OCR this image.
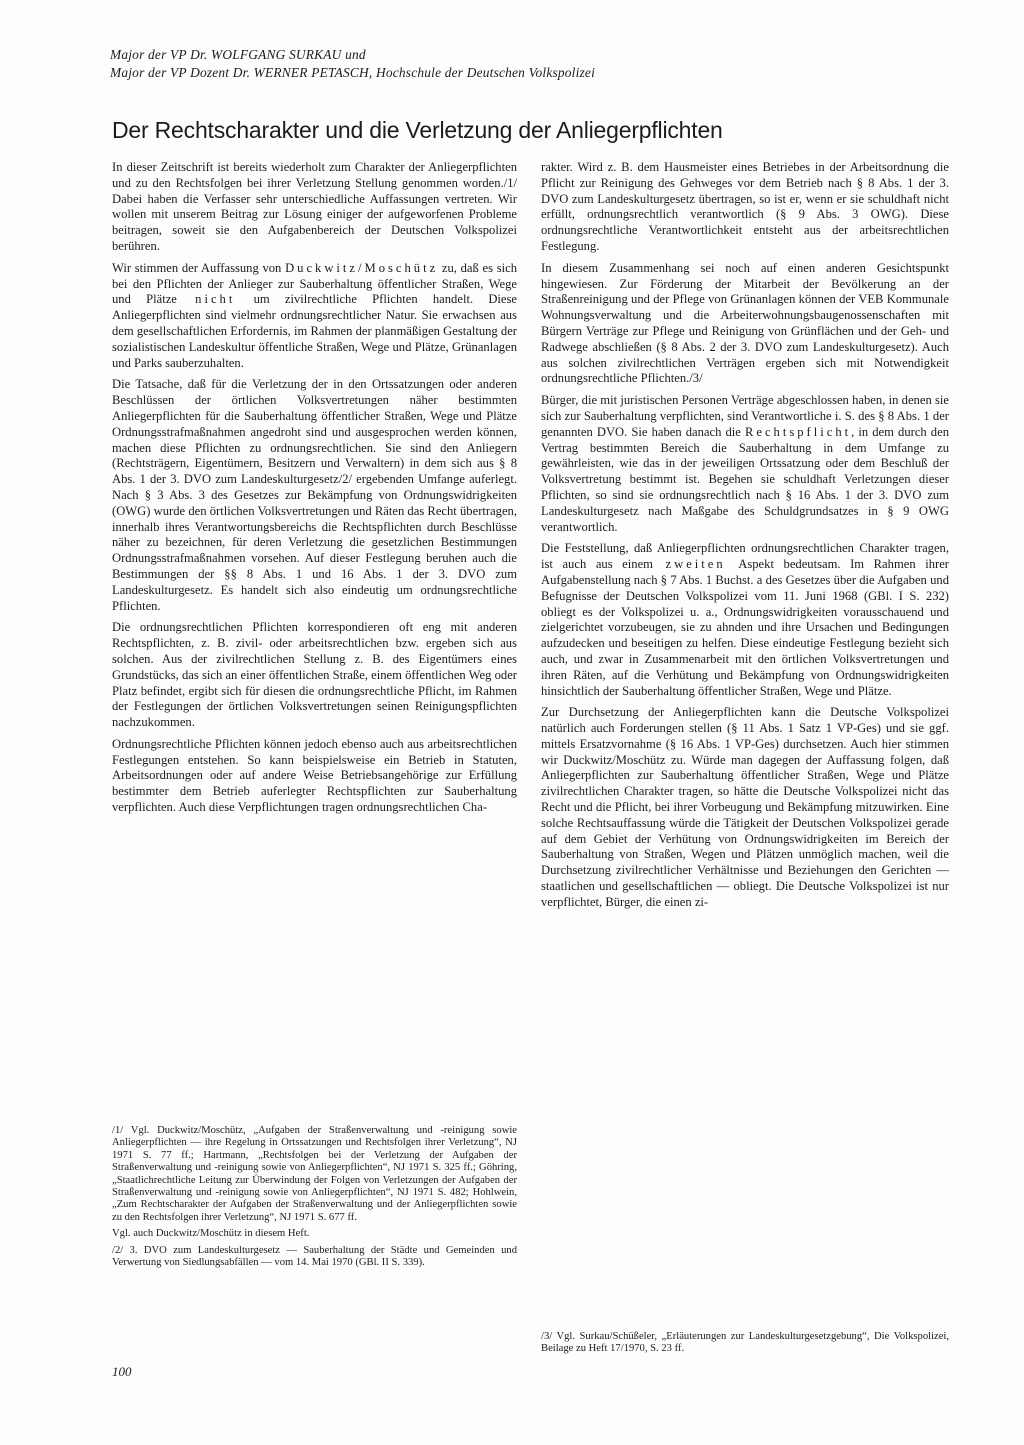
Major der VP Dr. WOLFGANG SURKAU und
Major der VP Dozent Dr. WERNER PETASCH, Hochschule der Deutschen Volkspolizei
Der Rechtscharakter und die Verletzung der Anliegerpflichten

In dieser Zeitschrift ist bereits wiederholt zum Charakter der Anliegerpflichten und zu den Rechtsfolgen bei ihrer Verletzung Stellung genommen worden./1/ Dabei haben die Verfasser sehr unterschiedliche Auffassungen vertreten. Wir wollen mit unserem Beitrag zur Lösung einiger der aufgeworfenen Probleme beitragen, soweit sie den Aufgabenbereich der Deutschen Volkspolizei berühren.

Wir stimmen der Auffassung von Duckwitz/Moschütz zu, daß es sich bei den Pflichten der Anlieger zur Sauberhaltung öffentlicher Straßen, Wege und Plätze nicht um zivilrechtliche Pflichten handelt. Diese Anliegerpflichten sind vielmehr ordnungsrechtlicher Natur. Sie erwachsen aus dem gesellschaftlichen Erfordernis, im Rahmen der planmäßigen Gestaltung der sozialistischen Landeskultur öffentliche Straßen, Wege und Plätze, Grünanlagen und Parks sauberzuhalten.

Die Tatsache, daß für die Verletzung der in den Ortssatzungen oder anderen Beschlüssen der örtlichen Volksvertretungen näher bestimmten Anliegerpflichten für die Sauberhaltung öffentlicher Straßen, Wege und Plätze Ordnungsstrafmaßnahmen angedroht sind und ausgesprochen werden können, machen diese Pflichten zu ordnungsrechtlichen. Sie sind den Anliegern (Rechtsträgern, Eigentümern, Besitzern und Verwaltern) in dem sich aus § 8 Abs. 1 der 3. DVO zum Landeskulturgesetz/2/ ergebenden Umfange auferlegt. Nach § 3 Abs. 3 des Gesetzes zur Bekämpfung von Ordnungswidrigkeiten (OWG) wurde den örtlichen Volksvertretungen und Räten das Recht übertragen, innerhalb ihres Verantwortungsbereichs die Rechtspflichten durch Beschlüsse näher zu bezeichnen, für deren Verletzung die gesetzlichen Bestimmungen Ordnungsstrafmaßnahmen vorsehen. Auf dieser Festlegung beruhen auch die Bestimmungen der §§ 8 Abs. 1 und 16 Abs. 1 der 3. DVO zum Landeskulturgesetz. Es handelt sich also eindeutig um ordnungsrechtliche Pflichten.

Die ordnungsrechtlichen Pflichten korrespondieren oft eng mit anderen Rechtspflichten, z. B. zivil- oder arbeitsrechtlichen bzw. ergeben sich aus solchen. Aus der zivilrechtlichen Stellung z. B. des Eigentümers eines Grundstücks, das sich an einer öffentlichen Straße, einem öffentlichen Weg oder Platz befindet, ergibt sich für diesen die ordnungsrechtliche Pflicht, im Rahmen der Festlegungen der örtlichen Volksvertretungen seinen Reinigungspflichten nachzukommen.

Ordnungsrechtliche Pflichten können jedoch ebenso auch aus arbeitsrechtlichen Festlegungen entstehen. So kann beispielsweise ein Betrieb in Statuten, Arbeitsordnungen oder auf andere Weise Betriebsangehörige zur Erfüllung bestimmter dem Betrieb auferlegter Rechtspflichten zur Sauberhaltung verpflichten. Auch diese Verpflichtungen tragen ordnungsrechtlichen Cha-

rakter. Wird z. B. dem Hausmeister eines Betriebes in der Arbeitsordnung die Pflicht zur Reinigung des Gehweges vor dem Betrieb nach § 8 Abs. 1 der 3. DVO zum Landeskulturgesetz übertragen, so ist er, wenn er sie schuldhaft nicht erfüllt, ordnungsrechtlich verantwortlich (§ 9 Abs. 3 OWG). Diese ordnungsrechtliche Verantwortlichkeit entsteht aus der arbeitsrechtlichen Festlegung.

In diesem Zusammenhang sei noch auf einen anderen Gesichtspunkt hingewiesen. Zur Förderung der Mitarbeit der Bevölkerung an der Straßenreinigung und der Pflege von Grünanlagen können der VEB Kommunale Wohnungsverwaltung und die Arbeiterwohnungsbaugenossenschaften mit Bürgern Verträge zur Pflege und Reinigung von Grünflächen und der Geh- und Radwege abschließen (§ 8 Abs. 2 der 3. DVO zum Landeskulturgesetz). Auch aus solchen zivilrechtlichen Verträgen ergeben sich mit Notwendigkeit ordnungsrechtliche Pflichten./3/

Bürger, die mit juristischen Personen Verträge abgeschlossen haben, in denen sie sich zur Sauberhaltung verpflichten, sind Verantwortliche i. S. des § 8 Abs. 1 der genannten DVO. Sie haben danach die Rechtspflicht, in dem durch den Vertrag bestimmten Bereich die Sauberhaltung in dem Umfange zu gewährleisten, wie das in der jeweiligen Ortssatzung oder dem Beschluß der Volksvertretung bestimmt ist. Begehen sie schuldhaft Verletzungen dieser Pflichten, so sind sie ordnungsrechtlich nach § 16 Abs. 1 der 3. DVO zum Landeskulturgesetz nach Maßgabe des Schuldgrundsatzes in § 9 OWG verantwortlich.

Die Feststellung, daß Anliegerpflichten ordnungsrechtlichen Charakter tragen, ist auch aus einem zweiten Aspekt bedeutsam. Im Rahmen ihrer Aufgabenstellung nach § 7 Abs. 1 Buchst. a des Gesetzes über die Aufgaben und Befugnisse der Deutschen Volkspolizei vom 11. Juni 1968 (GBl. I S. 232) obliegt es der Volkspolizei u. a., Ordnungswidrigkeiten vorausschauend und zielgerichtet vorzubeugen, sie zu ahnden und ihre Ursachen und Bedingungen aufzudecken und beseitigen zu helfen. Diese eindeutige Festlegung bezieht sich auch, und zwar in Zusammenarbeit mit den örtlichen Volksvertretungen und ihren Räten, auf die Verhütung und Bekämpfung von Ordnungswidrigkeiten hinsichtlich der Sauberhaltung öffentlicher Straßen, Wege und Plätze.

Zur Durchsetzung der Anliegerpflichten kann die Deutsche Volkspolizei natürlich auch Forderungen stellen (§ 11 Abs. 1 Satz 1 VP-Ges) und sie ggf. mittels Ersatzvornahme (§ 16 Abs. 1 VP-Ges) durchsetzen. Auch hier stimmen wir Duckwitz/Moschütz zu. Würde man dagegen der Auffassung folgen, daß Anliegerpflichten zur Sauberhaltung öffentlicher Straßen, Wege und Plätze zivilrechtlichen Charakter tragen, so hätte die Deutsche Volkspolizei nicht das Recht und die Pflicht, bei ihrer Vorbeugung und Bekämpfung mitzuwirken. Eine solche Rechtsauffassung würde die Tätigkeit der Deutschen Volkspolizei gerade auf dem Gebiet der Verhütung von Ordnungswidrigkeiten im Bereich der Sauberhaltung von Straßen, Wegen und Plätzen unmöglich machen, weil die Durchsetzung zivilrechtlicher Verhältnisse und Beziehungen den Gerichten — staatlichen und gesellschaftlichen — obliegt. Die Deutsche Volkspolizei ist nur verpflichtet, Bürger, die einen zi-

/1/ Vgl. Duckwitz/Moschütz, „Aufgaben der Straßenverwaltung und -reinigung sowie Anliegerpflichten — ihre Regelung in Ortssatzungen und Rechtsfolgen ihrer Verletzung“, NJ 1971 S. 77 ff.; Hartmann, „Rechtsfolgen bei der Verletzung der Aufgaben der Straßenverwaltung und -reinigung sowie von Anliegerpflichten“, NJ 1971 S. 325 ff.; Göhring, „Staatlichrechtliche Leitung zur Überwindung der Folgen von Verletzungen der Aufgaben der Straßenverwaltung und -reinigung sowie von Anliegerpflichten“, NJ 1971 S. 482; Hohlwein, „Zum Rechtscharakter der Aufgaben der Straßenverwaltung und der Anliegerpflichten sowie zu den Rechtsfolgen ihrer Verletzung“, NJ 1971 S. 677 ff.

Vgl. auch Duckwitz/Moschütz in diesem Heft.

/2/ 3. DVO zum Landeskulturgesetz — Sauberhaltung der Städte und Gemeinden und Verwertung von Siedlungsabfällen — vom 14. Mai 1970 (GBl. II S. 339).

/3/ Vgl. Surkau/Schüßeler, „Erläuterungen zur Landeskulturgesetzgebung“, Die Volkspolizei, Beilage zu Heft 17/1970, S. 23 ff.

100
